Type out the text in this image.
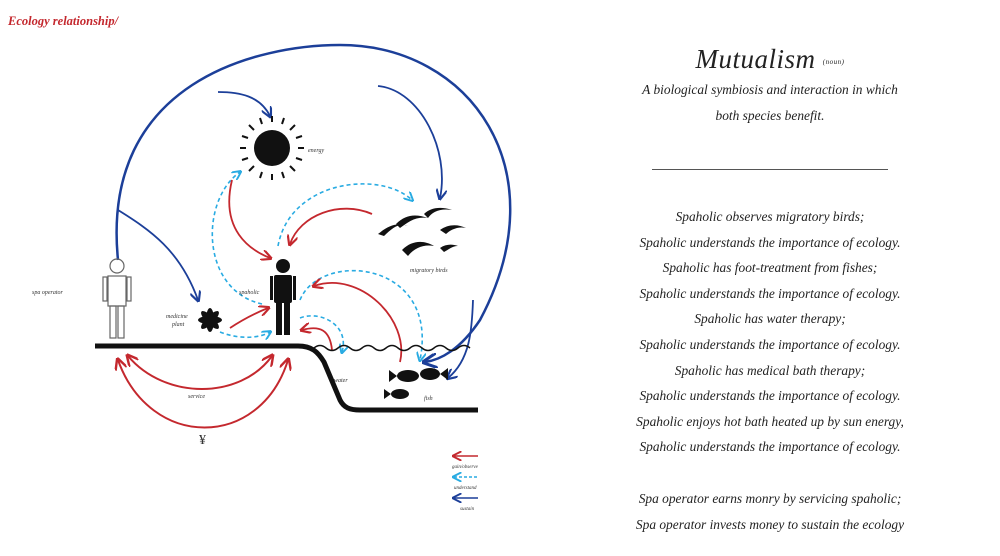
Ecology relationship/
energy
migratory birds
spaholic
spa operator
medicine
plant
water
fish
service
¥
gain/observe
understand
sustain
Mutualism (noun)
A biological symbiosis and interaction in which
both species benefit.
Spaholic observes migratory birds;
Spaholic understands the importance of ecology.
Spaholic has foot-treatment from fishes;
Spaholic understands the importance of ecology.
Spaholic has water therapy;
Spaholic understands the importance of ecology.
Spaholic has medical bath therapy;
Spaholic understands the importance of ecology.
Spaholic enjoys hot bath heated up by sun energy,
Spaholic understands the importance of ecology.
Spa operator earns monry by servicing spaholic;
Spa operator invests money to sustain the ecology
